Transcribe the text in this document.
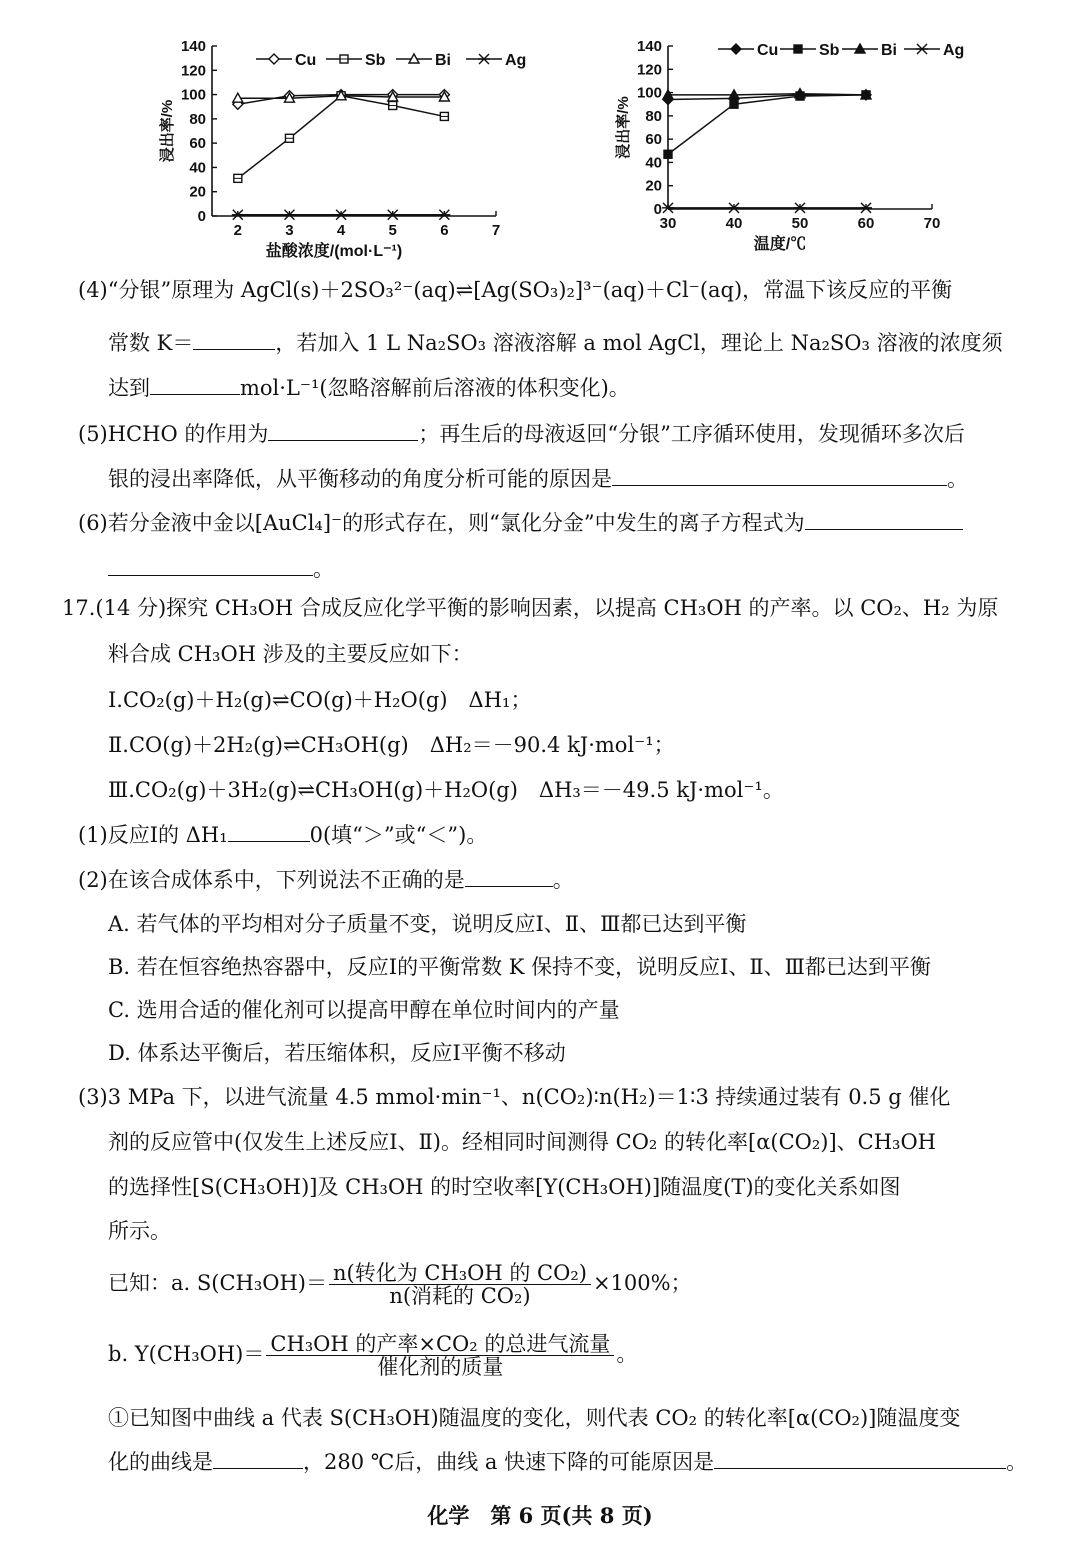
0
20
40
60
80
100
120
140
2	3	4	5	6	7
盐酸浓度/(mol·L⁻¹)
浸出率/%
Cu	Sb	Bi	Ag
0
20
40
60
80
100
120
140
30	40	50	60	70
温度/℃
浸出率/%
Cu	Sb	Bi	Ag
(4)“分银”原理为 AgCl(s)＋2SO₃²⁻(aq)⇌[Ag(SO₃)₂]³⁻(aq)＋Cl⁻(aq)，常温下该反应的平衡
常数 K＝	，若加入 1 L Na₂SO₃ 溶液溶解 a mol AgCl，理论上 Na₂SO₃ 溶液的浓度须
达到	mol·L⁻¹(忽略溶解前后溶液的体积变化)。
(5)HCHO 的作用为	；再生后的母液返回“分银”工序循环使用，发现循环多次后
银的浸出率降低，从平衡移动的角度分析可能的原因是	。
(6)若分金液中金以[AuCl₄]⁻的形式存在，则“氯化分金”中发生的离子方程式为
。
17.(14 分)探究 CH₃OH 合成反应化学平衡的影响因素，以提高 CH₃OH 的产率。以 CO₂、H₂ 为原
料合成 CH₃OH 涉及的主要反应如下：
Ⅰ.CO₂(g)＋H₂(g)⇌CO(g)＋H₂O(g)　ΔH₁；
Ⅱ.CO(g)＋2H₂(g)⇌CH₃OH(g)　ΔH₂＝－90.4 kJ·mol⁻¹；
Ⅲ.CO₂(g)＋3H₂(g)⇌CH₃OH(g)＋H₂O(g)　ΔH₃＝－49.5 kJ·mol⁻¹。
(1)反应Ⅰ的 ΔH₁	0(填“＞”或“＜”)。
(2)在该合成体系中，下列说法不正确的是	。
A. 若气体的平均相对分子质量不变，说明反应Ⅰ、Ⅱ、Ⅲ都已达到平衡
B. 若在恒容绝热容器中，反应Ⅰ的平衡常数 K 保持不变，说明反应Ⅰ、Ⅱ、Ⅲ都已达到平衡
C. 选用合适的催化剂可以提高甲醇在单位时间内的产量
D. 体系达平衡后，若压缩体积，反应Ⅰ平衡不移动
(3)3 MPa 下，以进气流量 4.5 mmol·min⁻¹、n(CO₂)∶n(H₂)＝1∶3 持续通过装有 0.5 g 催化
剂的反应管中(仅发生上述反应Ⅰ、Ⅱ)。经相同时间测得 CO₂ 的转化率[α(CO₂)]、CH₃OH
的选择性[S(CH₃OH)]及 CH₃OH 的时空收率[Y(CH₃OH)]随温度(T)的变化关系如图
所示。
已知：a. $S(CH_3OH)= \frac{\text{n(转化为 CH₃OH 的 CO₂)}}{\text{n(消耗的 CO₂)}} \times 100\%$；
b. $Y(CH_3OH)= \frac{\text{CH₃OH 的产率×CO₂ 的总进气流量}}{\text{催化剂的质量}}$ 。
①已知图中曲线 a 代表 S(CH₃OH)随温度的变化，则代表 CO₂ 的转化率[α(CO₂)]随温度变
化的曲线是	，280 ℃后，曲线 a 快速下降的可能原因是	。
化学　第 6 页(共 8 页)
